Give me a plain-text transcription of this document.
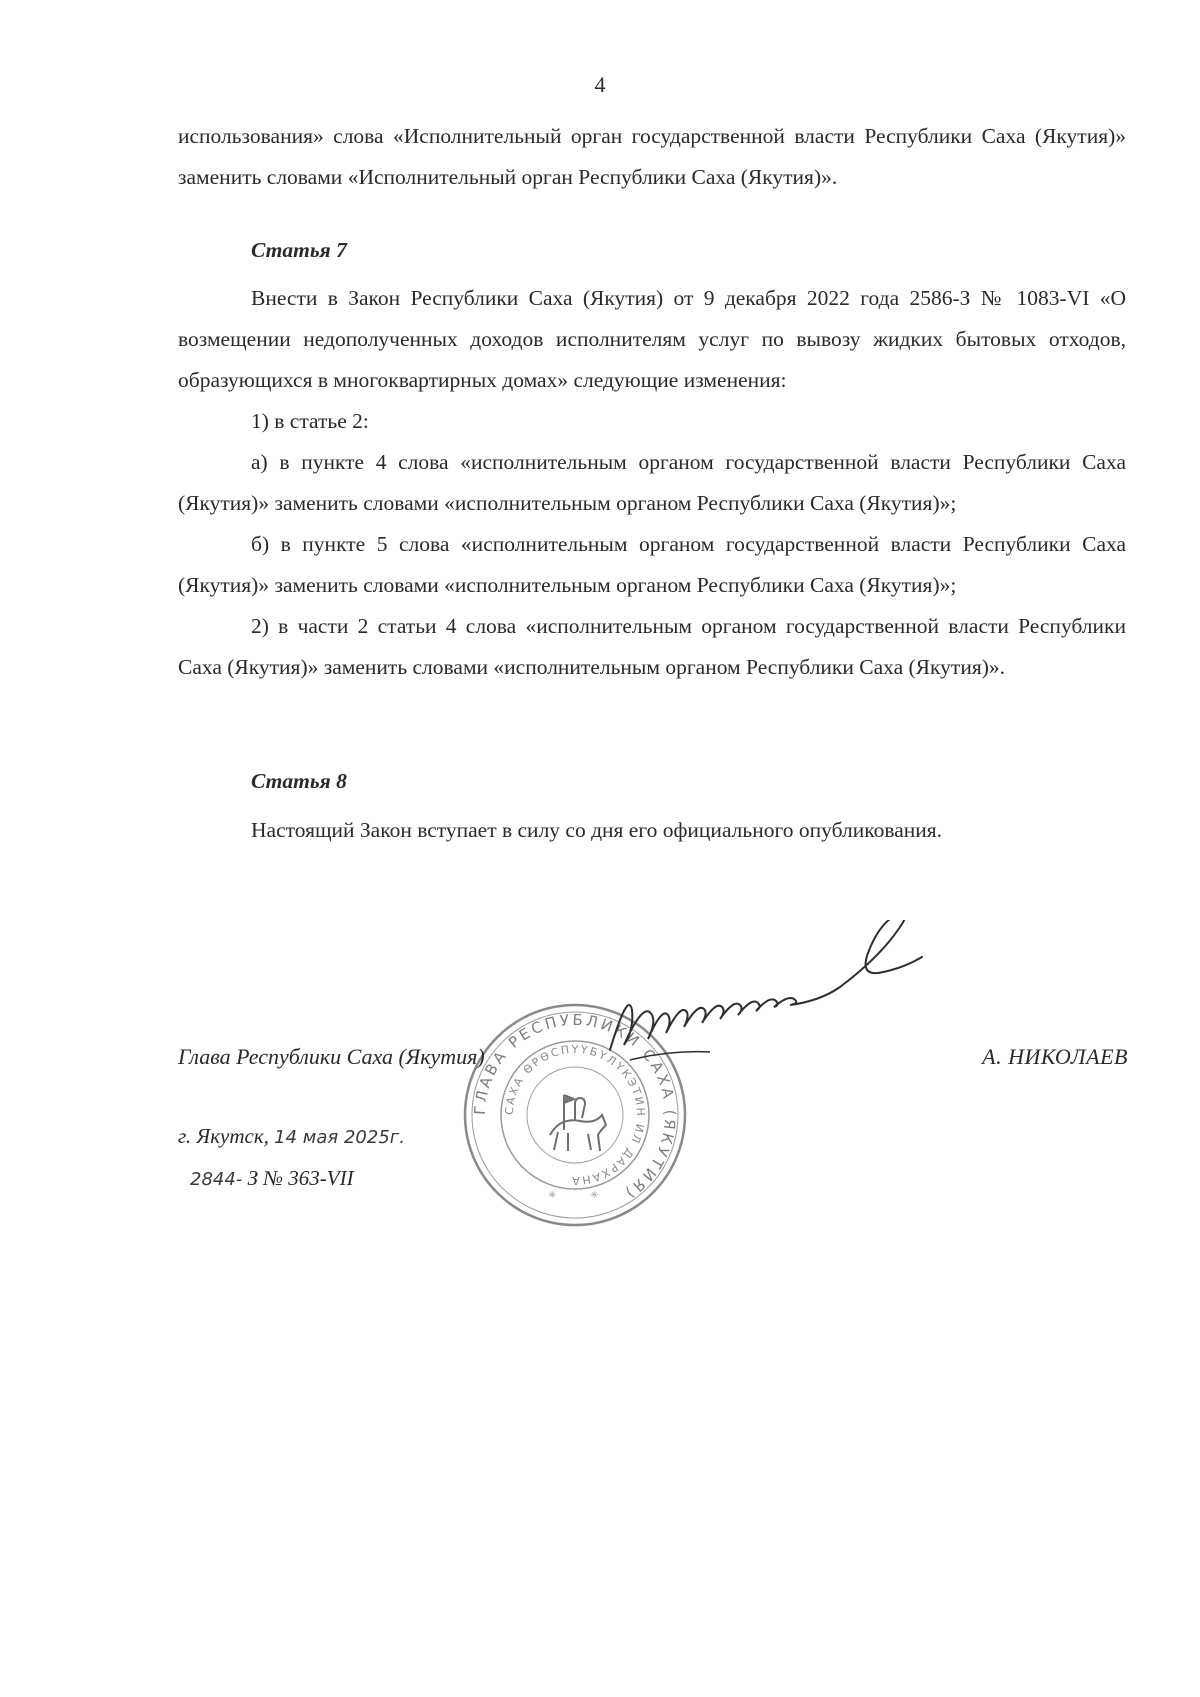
4

использования» слова «Исполнительный орган государственной власти Республики Саха (Якутия)» заменить словами «Исполнительный орган Республики Саха (Якутия)».

Статья 7

Внести в Закон Республики Саха (Якутия) от 9 декабря 2022 года 2586-З № 1083-VI «О возмещении недополученных доходов исполнителям услуг по вывозу жидких бытовых отходов, образующихся в многоквартирных домах» следующие изменения:

1) в статье 2:

а) в пункте 4 слова «исполнительным органом государственной власти Республики Саха (Якутия)» заменить словами «исполнительным органом Республики Саха (Якутия)»;

б) в пункте 5 слова «исполнительным органом государственной власти Республики Саха (Якутия)» заменить словами «исполнительным органом Республики Саха (Якутия)»;

2) в части 2 статьи 4 слова «исполнительным органом государственной власти Республики Саха (Якутия)» заменить словами «исполнительным органом Республики Саха (Якутия)».

Статья 8

Настоящий Закон вступает в силу со дня его официального опубликования.

ГЛАВА РЕСПУБЛИКИ САХА (ЯКУТИЯ)
САХА ӨРӨСПҮҮБҮЛҮКЭТИН ИЛ ДАРХАНА
✳	✳
Глава Республики Саха (Якутия)	А. НИКОЛАЕВ
г. Якутск, 14 мая 2025г.
2844- З № 363-VII
